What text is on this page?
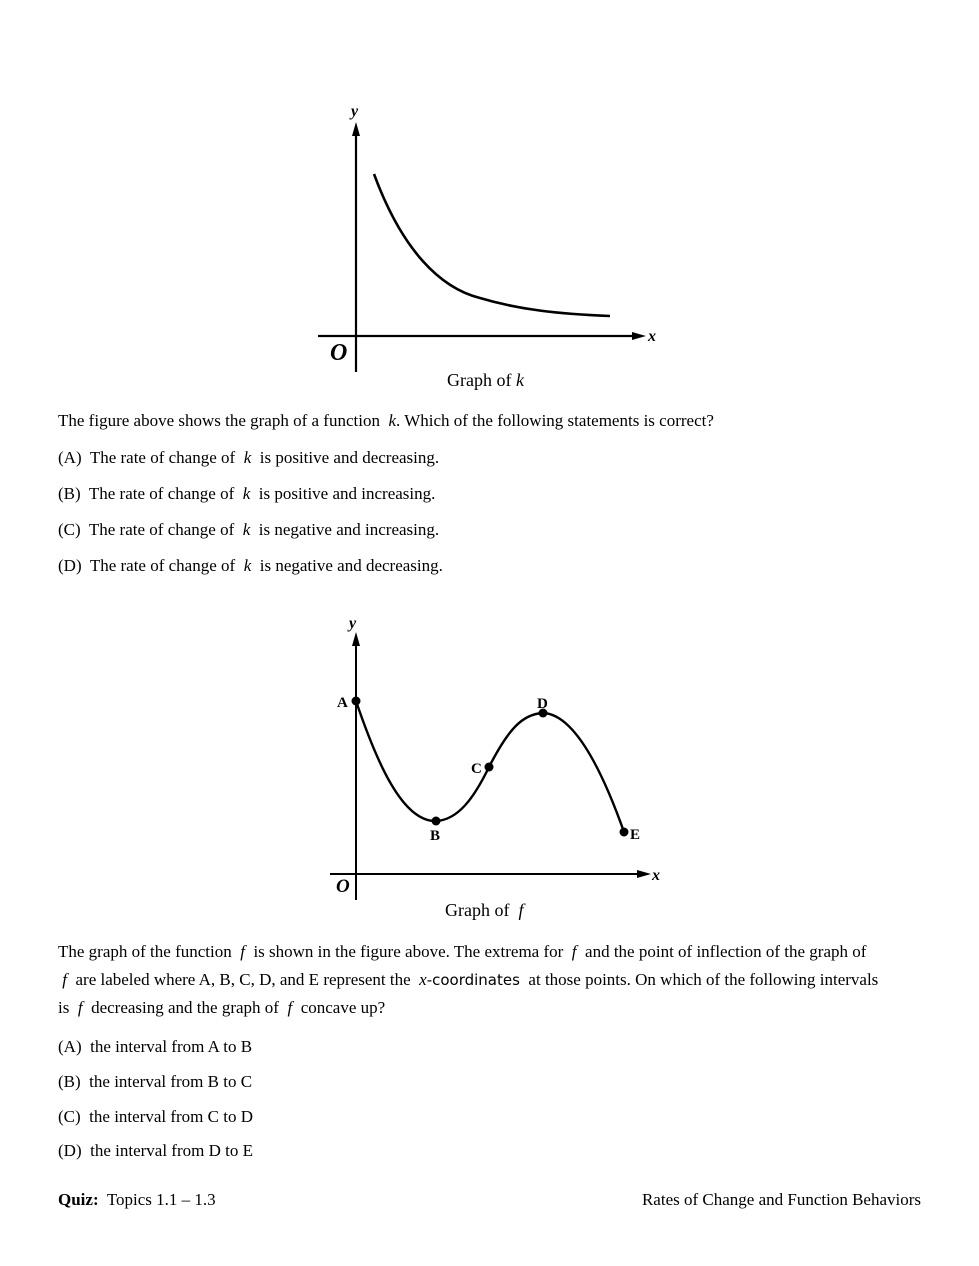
y
x
O
Graph of k
The figure above shows the graph of a function k. Which of the following statements is correct?
(A) The rate of change of k is positive and decreasing.
(B) The rate of change of k is positive and increasing.
(C) The rate of change of k is negative and increasing.
(D) The rate of change of k is negative and decreasing.
y
x
O
A
B
C
D
E
Graph of f
The graph of the function f is shown in the figure above. The extrema for f and the point of inflection of the graph of
f are labeled where A, B, C, D, and E represent the x-coordinates at those points. On which of the following intervals
is f decreasing and the graph of f concave up?
(A) the interval from A to B
(B) the interval from B to C
(C) the interval from C to D
(D) the interval from D to E
Quiz: Topics 1.1 – 1.3	Rates of Change and Function Behaviors
